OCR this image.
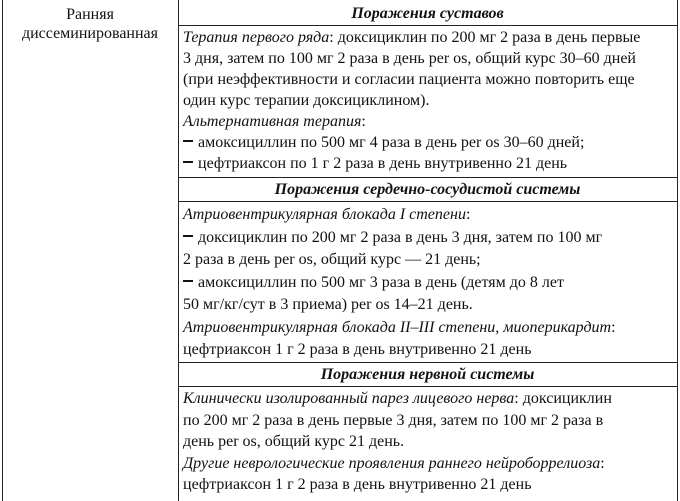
Ранняя
диссеминированная
Поражения суставов
Терапия первого ряда: доксициклин по 200 мг 2 раза в день первые
3 дня, затем по 100 мг 2 раза в день per os, общий курс 30–60 дней
(при неэффективности и согласии пациента можно повторить еще
один курс терапии доксициклином).
Альтернативная терапия:
амоксициллин по 500 мг 4 раза в день per os 30–60 дней;
цефтриаксон по 1 г 2 раза в день внутривенно 21 день
Поражения сердечно-сосудистой системы
Атриовентрикулярная блокада I степени:
доксициклин по 200 мг 2 раза в день 3 дня, затем по 100 мг
2 раза в день per os, общий курс — 21 день;
амоксициллин по 500 мг 3 раза в день (детям до 8 лет
50 мг/кг/сут в 3 приема) per os 14–21 день.
Атриовентрикулярная блокада II–III степени, миоперикардит:
цефтриаксон 1 г 2 раза в день внутривенно 21 день
Поражения нервной системы
Клинически изолированный парез лицевого нерва: доксициклин
по 200 мг 2 раза в день первые 3 дня, затем по 100 мг 2 раза в
день per os, общий курс 21 день.
Другие неврологические проявления раннего нейроборрелиоза:
цефтриаксон 1 г 2 раза в день внутривенно 21 день
